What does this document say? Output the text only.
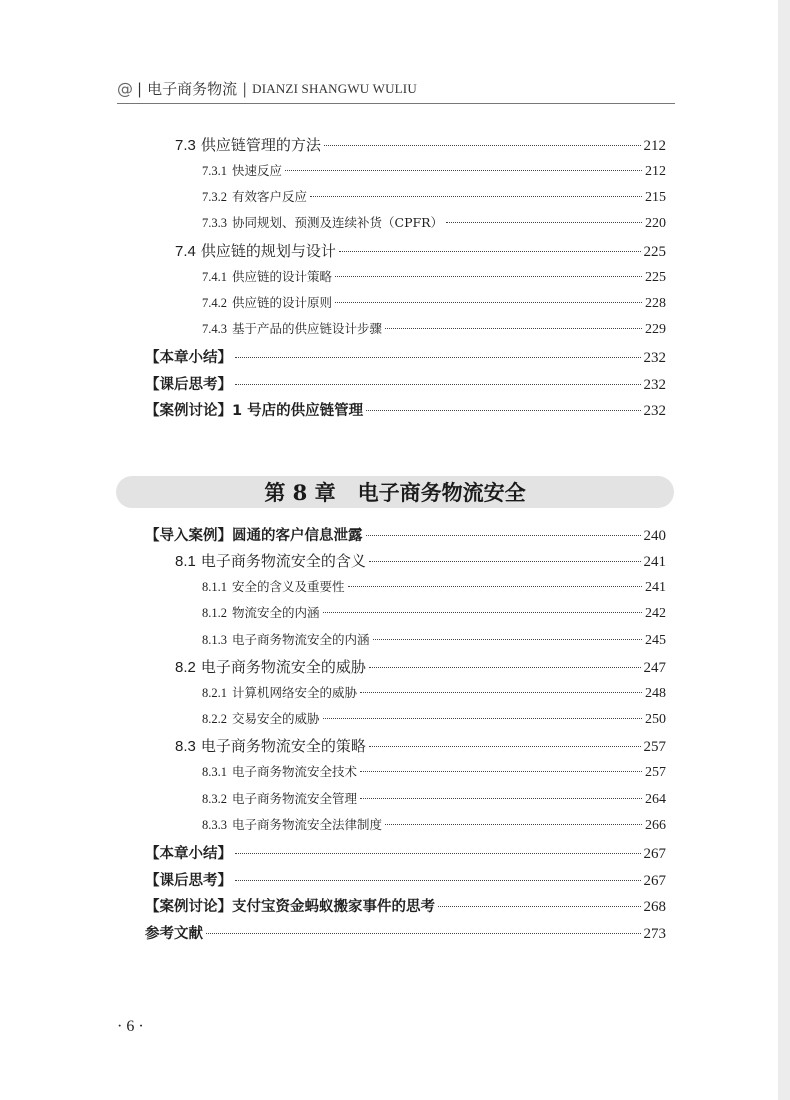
@ | 电子商务物流 | DIANZI SHANGWU WULIU
7.3 供应链管理的方法	212
7.3.1 快速反应	212
7.3.2 有效客户反应	215
7.3.3 协同规划、预测及连续补货（CPFR）	220
7.4 供应链的规划与设计	225
7.4.1 供应链的设计策略	225
7.4.2 供应链的设计原则	228
7.4.3 基于产品的供应链设计步骤	229
【本章小结】	232
【课后思考】	232
【案例讨论】1 号店的供应链管理	232
第 8 章 电子商务物流安全
【导入案例】圆通的客户信息泄露	240
8.1 电子商务物流安全的含义	241
8.1.1 安全的含义及重要性	241
8.1.2 物流安全的内涵	242
8.1.3 电子商务物流安全的内涵	245
8.2 电子商务物流安全的威胁	247
8.2.1 计算机网络安全的威胁	248
8.2.2 交易安全的威胁	250
8.3 电子商务物流安全的策略	257
8.3.1 电子商务物流安全技术	257
8.3.2 电子商务物流安全管理	264
8.3.3 电子商务物流安全法律制度	266
【本章小结】	267
【课后思考】	267
【案例讨论】支付宝资金蚂蚁搬家事件的思考	268
参考文献	273
· 6 ·
